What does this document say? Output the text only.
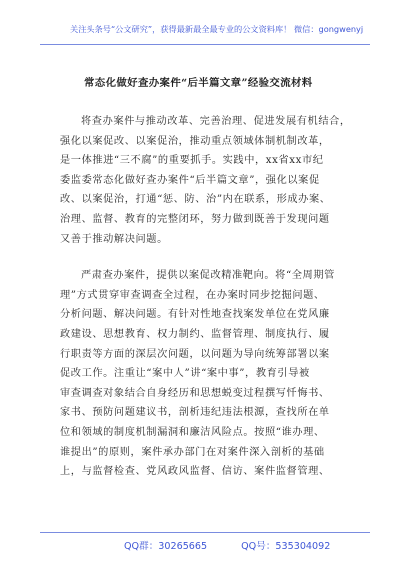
关注头条号“公文研究”，获得最新最全最专业的公文资料库！ 微信：gongwenyj
常态化做好查办案件“后半篇文章”经验交流材料
将查办案件与推动改革、完善治理、促进发展有机结合，
强化以案促改、以案促治，推动重点领域体制机制改革，
是一体推进“三不腐”的重要抓手。实践中，xx省xx市纪
委监委常态化做好查办案件“后半篇文章”，强化以案促
改、以案促治，打通“惩、防、治”内在联系，形成办案、
治理、监督、教育的完整闭环，努力做到既善于发现问题
又善于推动解决问题。
严肃查办案件，提供以案促改精准靶向。将“全周期管
理”方式贯穿审查调查全过程，在办案时同步挖掘问题、
分析问题、解决问题。有针对性地查找案发单位在党风廉
政建设、思想教育、权力制约、监督管理、制度执行、履
行职责等方面的深层次问题，以问题为导向统筹部署以案
促改工作。注重让“案中人”讲“案中事”，教育引导被
审查调查对象结合自身经历和思想蜕变过程撰写忏悔书、
家书、预防问题建议书，剖析违纪违法根源，查找所在单
位和领域的制度机制漏洞和廉洁风险点。按照“谁办理、
谁提出”的原则，案件承办部门在对案件深入剖析的基础
上，与监督检查、党风政风监督、信访、案件监督管理、
QQ群：30265665	QQ号：535304092
